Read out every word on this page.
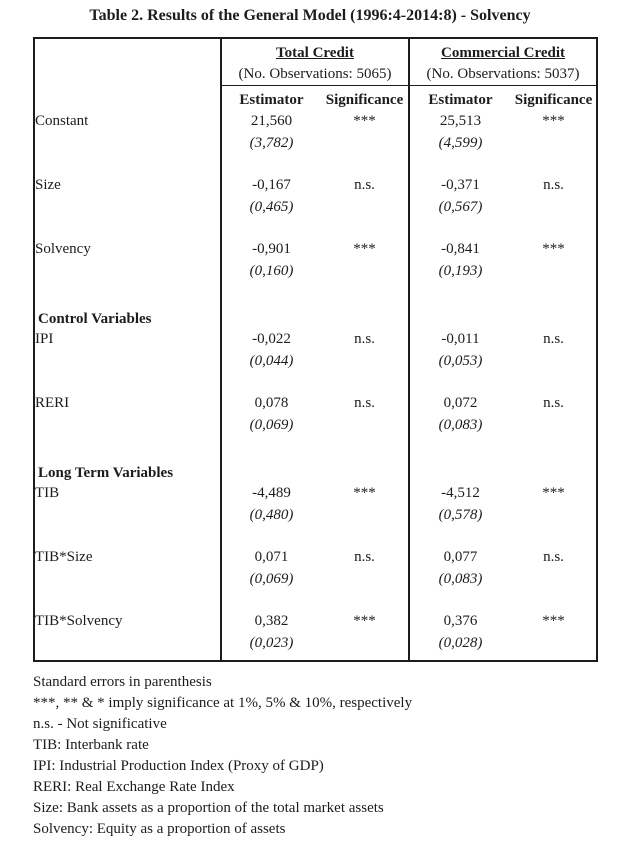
Table 2. Results of the General Model (1996:4-2014:8) - Solvency
	Total Credit		Commercial Credit	
	(No. Observations: 5065)		(No. Observations: 5037)	
	Estimator	Significance	Estimator	Significance
Constant	21,560	***	25,513	***
	(3,782)		(4,599)	

Size	-0,167	n.s.	-0,371	n.s.
	(0,465)		(0,567)	

Solvency	-0,901	***	-0,841	***
	(0,160)		(0,193)	

Control Variables				
IPI	-0,022	n.s.	-0,011	n.s.
	(0,044)		(0,053)	

RERI	0,078	n.s.	0,072	n.s.
	(0,069)		(0,083)	

Long Term Variables				
TIB	-4,489	***	-4,512	***
	(0,480)		(0,578)	

TIB*Size	0,071	n.s.	0,077	n.s.
	(0,069)		(0,083)	

TIB*Solvency	0,382	***	0,376	***
	(0,023)		(0,028)	

Standard errors in parenthesis
***, ** & * imply significance at 1%, 5% & 10%, respectively
n.s. - Not significative
TIB: Interbank rate
IPI: Industrial Production Index (Proxy of GDP)
RERI: Real Exchange Rate Index
Size: Bank assets as a proportion of the total market assets
Solvency: Equity as a proportion of assets
